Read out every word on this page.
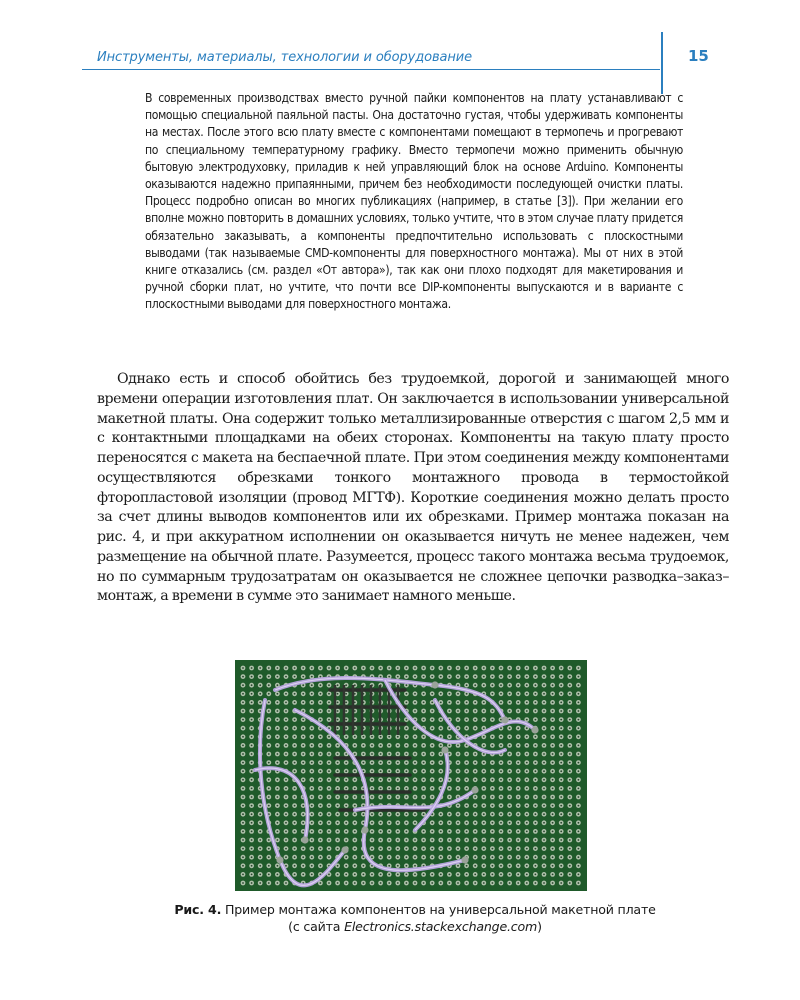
Инструменты, материалы, технологии и оборудование	15

В современных производствах вместо ручной пайки компонентов на плату устанавливают с помощью специальной паяльной пасты. Она достаточно густая, чтобы удерживать компоненты на местах. После этого всю плату вместе с компонентами помещают в термопечь и прогревают по специальному температурному графику. Вместо термопечи можно применить обычную бытовую электродуховку, приладив к ней управляющий блок на основе Arduino. Компоненты оказываются надежно припаянными, причем без необходимости последующей очистки платы. Процесс подробно описан во многих публикациях (например, в статье [3]). При желании его вполне можно повторить в домашних условиях, только учтите, что в этом случае плату придется обязательно заказывать, а компоненты предпочтительно использовать с плоскостными выводами (так называемые СМD-компоненты для поверхностного монтажа). Мы от них в этой книге отказались (см. раздел «От автора»), так как они плохо подходят для макетирования и ручной сборки плат, но учтите, что почти все DIP-компоненты выпускаются и в варианте с плоскостными выводами для поверхностного монтажа.

Однако есть и способ обойтись без трудоемкой, дорогой и занимающей много времени операции изготовления плат. Он заключается в использовании универсальной макетной платы. Она содержит только металлизированные отверстия с шагом 2,5 мм и с контактными площадками на обеих сторонах. Компоненты на такую плату просто переносятся с макета на беспаечной плате. При этом соединения между компонентами осуществляются обрезками тонкого монтажного провода в термостойкой фторопластовой изоляции (провод МГТФ). Короткие соединения можно делать просто за счет длины выводов компонентов или их обрезками. Пример монтажа показан на рис. 4, и при аккуратном исполнении он оказывается ничуть не менее надежен, чем размещение на обычной плате. Разумеется, процесс такого монтажа весьма трудоемок, но по суммарным трудозатратам он оказывается не сложнее цепочки разводка–заказ–монтаж, а времени в сумме это занимает намного меньше.

Рис. 4. Пример монтажа компонентов на универсальной макетной плате
(с сайта Electronics.stackexchange.com)
